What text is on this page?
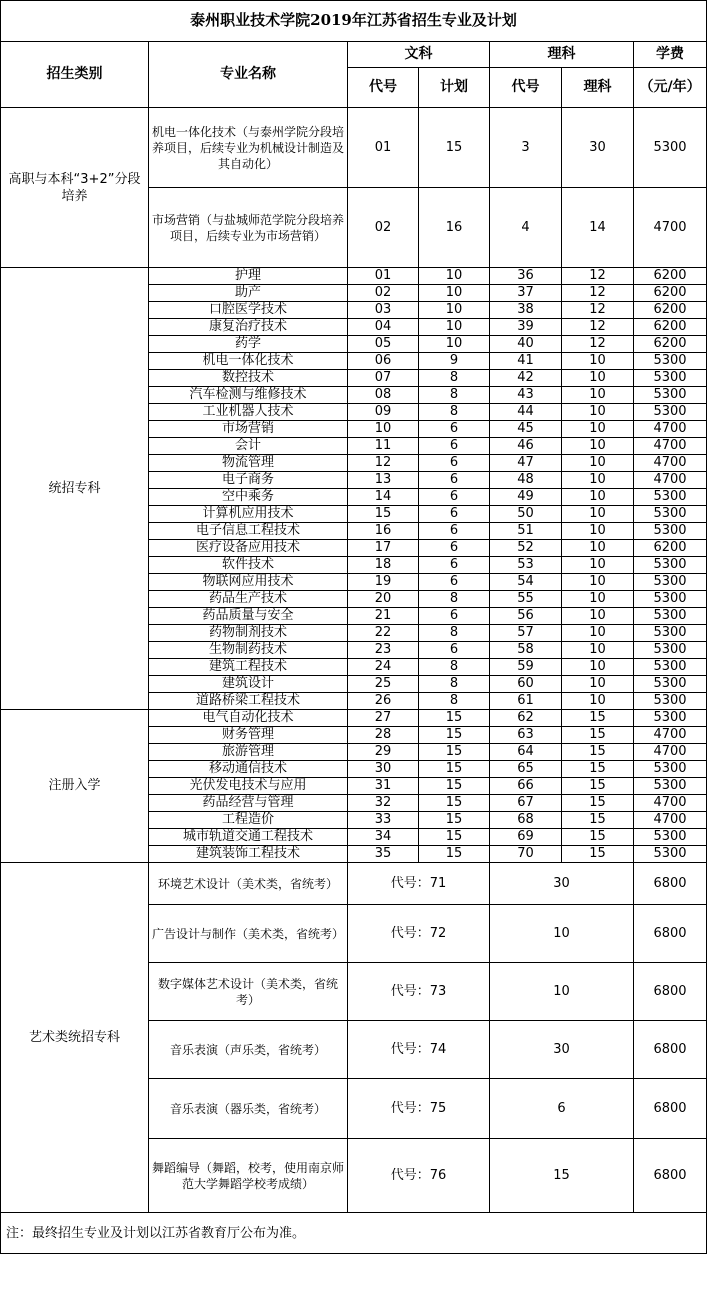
泰州职业技术学院2019年江苏省招生专业及计划						
招生类别	专业名称	文科		理科		学费
		代号	计划	代号	理科	（元/年）
高职与本科“3+2”分段培养	机电一体化技术（与泰州学院分段培养项目，后续专业为机械设计制造及其自动化）	01	15	3	30	5300
	市场营销（与盐城师范学院分段培养项目，后续专业为市场营销）	02	16	4	14	4700
统招专科	护理	01	10	36	12	6200
	助产	02	10	37	12	6200
	口腔医学技术	03	10	38	12	6200
	康复治疗技术	04	10	39	12	6200
	药学	05	10	40	12	6200
	机电一体化技术	06	9	41	10	5300
	数控技术	07	8	42	10	5300
	汽车检测与维修技术	08	8	43	10	5300
	工业机器人技术	09	8	44	10	5300
	市场营销	10	6	45	10	4700
	会计	11	6	46	10	4700
	物流管理	12	6	47	10	4700
	电子商务	13	6	48	10	4700
	空中乘务	14	6	49	10	5300
	计算机应用技术	15	6	50	10	5300
	电子信息工程技术	16	6	51	10	5300
	医疗设备应用技术	17	6	52	10	6200
	软件技术	18	6	53	10	5300
	物联网应用技术	19	6	54	10	5300
	药品生产技术	20	8	55	10	5300
	药品质量与安全	21	6	56	10	5300
	药物制剂技术	22	8	57	10	5300
	生物制药技术	23	6	58	10	5300
	建筑工程技术	24	8	59	10	5300
	建筑设计	25	8	60	10	5300
	道路桥梁工程技术	26	8	61	10	5300
注册入学	电气自动化技术	27	15	62	15	5300
	财务管理	28	15	63	15	4700
	旅游管理	29	15	64	15	4700
	移动通信技术	30	15	65	15	5300
	光伏发电技术与应用	31	15	66	15	5300
	药品经营与管理	32	15	67	15	4700
	工程造价	33	15	68	15	4700
	城市轨道交通工程技术	34	15	69	15	5300
	建筑装饰工程技术	35	15	70	15	5300
艺术类统招专科	环境艺术设计（美术类，省统考）	代号：71		30		6800
	广告设计与制作（美术类，省统考）	代号：72		10		6800
	数字媒体艺术设计（美术类，省统考）	代号：73		10		6800
	音乐表演（声乐类，省统考）	代号：74		30		6800
	音乐表演（器乐类，省统考）	代号：75		6		6800
	舞蹈编导（舞蹈，校考，使用南京师范大学舞蹈学校考成绩）	代号：76		15		6800
注：最终招生专业及计划以江苏省教育厅公布为准。						
